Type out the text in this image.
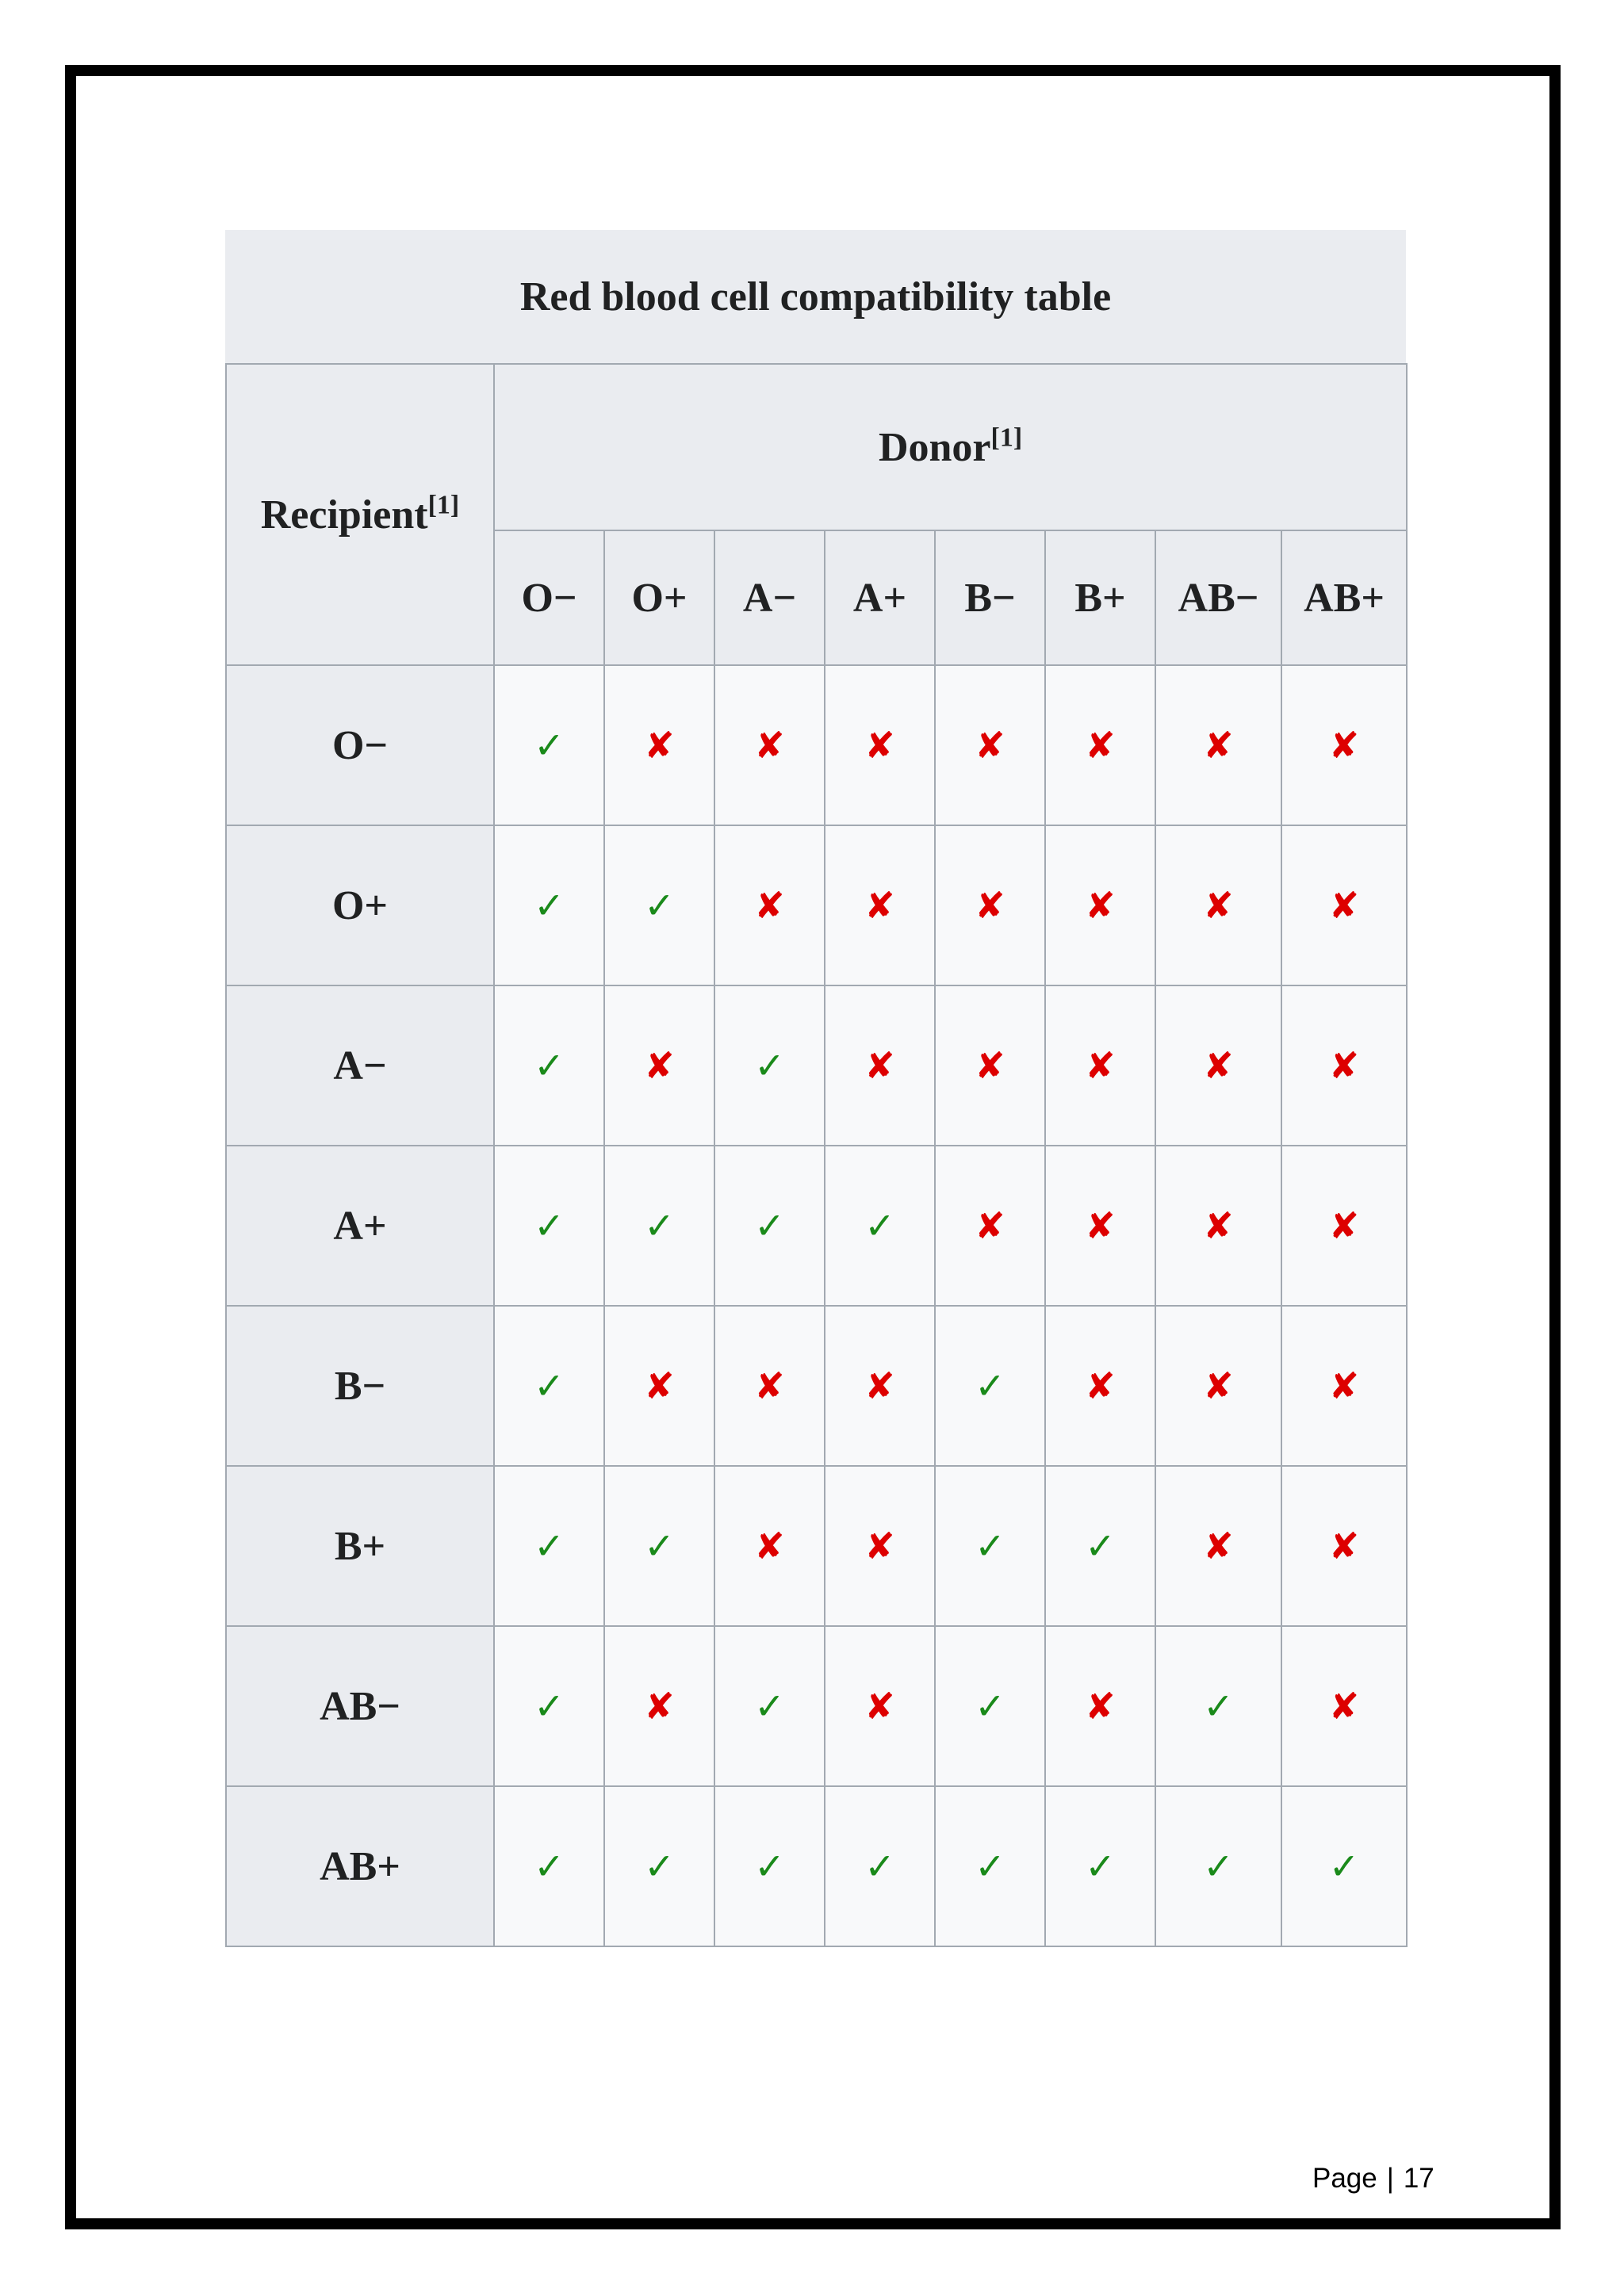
Red blood cell compatibility table
Recipient[1]	Donor[1]
	O−	O+	A−	A+	B−	B+	AB−	AB+
O−	✓	✘	✘	✘	✘	✘	✘	✘
O+	✓	✓	✘	✘	✘	✘	✘	✘
A−	✓	✘	✓	✘	✘	✘	✘	✘
A+	✓	✓	✓	✓	✘	✘	✘	✘
B−	✓	✘	✘	✘	✓	✘	✘	✘
B+	✓	✓	✘	✘	✓	✓	✘	✘
AB−	✓	✘	✓	✘	✓	✘	✓	✘
AB+	✓	✓	✓	✓	✓	✓	✓	✓
Page | 17
